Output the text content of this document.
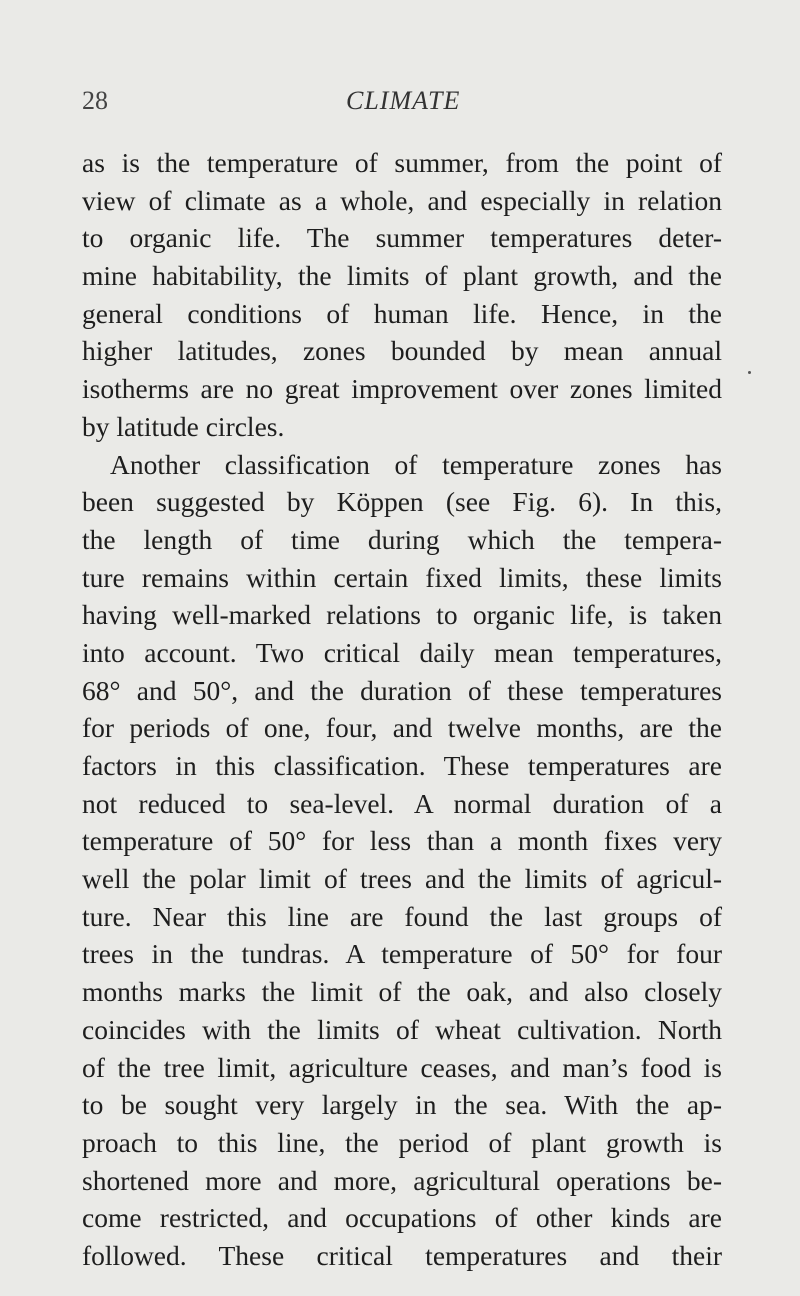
28	CLIMATE
as is the temperature of summer, from the point of
view of climate as a whole, and especially in relation
to organic life. The summer temperatures deter-
mine habitability, the limits of plant growth, and the
general conditions of human life. Hence, in the
higher latitudes, zones bounded by mean annual
isotherms are no great improvement over zones limited
by latitude circles.
Another classification of temperature zones has
been suggested by Köppen (see Fig. 6). In this,
the length of time during which the tempera-
ture remains within certain fixed limits, these limits
having well-marked relations to organic life, is taken
into account. Two critical daily mean temperatures,
68° and 50°, and the duration of these temperatures
for periods of one, four, and twelve months, are the
factors in this classification. These temperatures are
not reduced to sea-level. A normal duration of a
temperature of 50° for less than a month fixes very
well the polar limit of trees and the limits of agricul-
ture. Near this line are found the last groups of
trees in the tundras. A temperature of 50° for four
months marks the limit of the oak, and also closely
coincides with the limits of wheat cultivation. North
of the tree limit, agriculture ceases, and man’s food is
to be sought very largely in the sea. With the ap-
proach to this line, the period of plant growth is
shortened more and more, agricultural operations be-
come restricted, and occupations of other kinds are
followed. These critical temperatures and their
